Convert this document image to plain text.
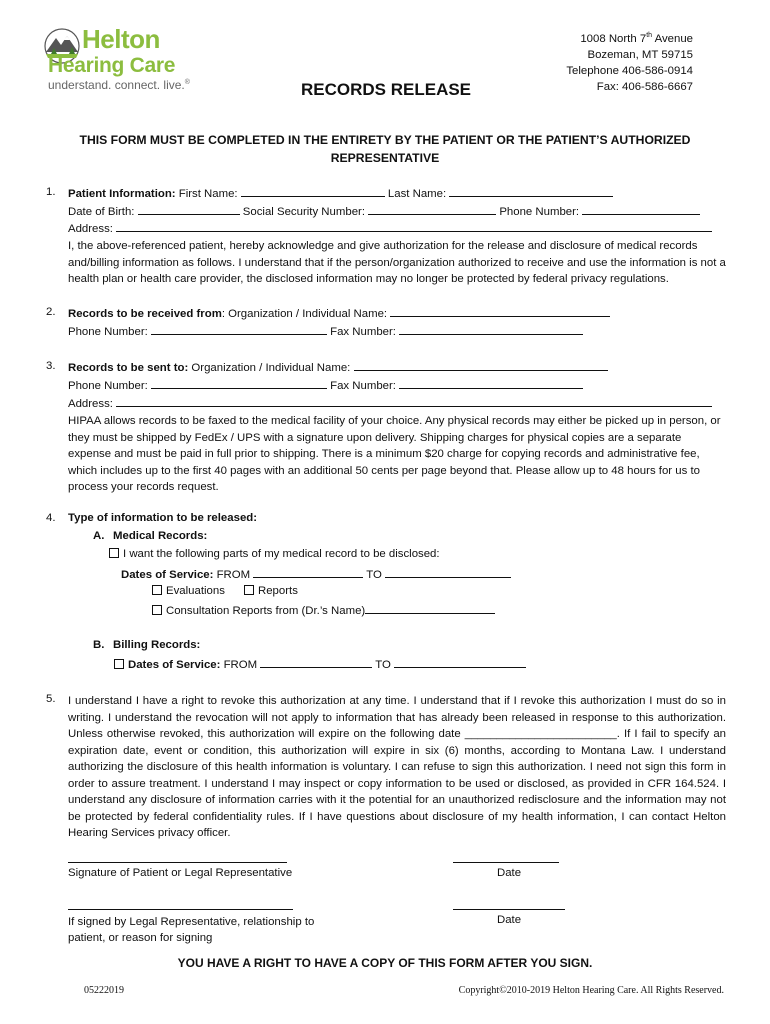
Helton
Hearing Care
understand. connect. live.®
1008 North 7th Avenue
Bozeman, MT 59715
Telephone 406-586-0914
Fax: 406-586-6667
RECORDS RELEASE
THIS FORM MUST BE COMPLETED IN THE ENTIRETY BY THE PATIENT OR THE PATIENT’S AUTHORIZED
REPRESENTATIVE
1. Patient Information: First Name:	Last Name:
Date of Birth:	Social Security Number:	Phone Number:
Address:
I, the above-referenced patient, hereby acknowledge and give authorization for the release and disclosure of medical records and/billing information as follows. I understand that if the person/organization authorized to receive and use the information is not a health plan or health care provider, the disclosed information may no longer be protected by federal privacy regulations.
2. Records to be received from: Organization / Individual Name:
Phone Number:	Fax Number:
3. Records to be sent to: Organization / Individual Name:
Phone Number:	Fax Number:
Address:
HIPAA allows records to be faxed to the medical facility of your choice. Any physical records may either be picked up in person, or they must be shipped by FedEx / UPS with a signature upon delivery. Shipping charges for physical copies are a separate expense and must be paid in full prior to shipping. There is a minimum $20 charge for copying records and administrative fee, which includes up to the first 40 pages with an additional 50 cents per page beyond that. Please allow up to 48 hours for us to process your records request.
4. Type of information to be released:
A. Medical Records:
I want the following parts of my medical record to be disclosed:
Dates of Service: FROM	TO
Evaluations	Reports
Consultation Reports from (Dr.’s Name)
B. Billing Records:
Dates of Service: FROM	TO
5. I understand I have a right to revoke this authorization at any time. I understand that if I revoke this authorization I must do so in writing. I understand the revocation will not apply to information that has already been released in response to this authorization. Unless otherwise revoked, this authorization will expire on the following date ________________________. If I fail to specify an expiration date, event or condition, this authorization will expire in six (6) months, according to Montana Law. I understand authorizing the disclosure of this health information is voluntary. I can refuse to sign this authorization. I need not sign this form in order to assure treatment. I understand I may inspect or copy information to be used or disclosed, as provided in CFR 164.524. I understand any disclosure of information carries with it the potential for an unauthorized redisclosure and the information may not be protected by federal confidentiality rules. If I have questions about disclosure of my health information, I can contact Helton Hearing Services privacy officer.
Signature of Patient or Legal Representative	Date
If signed by Legal Representative, relationship to
patient, or reason for signing
Date
YOU HAVE A RIGHT TO HAVE A COPY OF THIS FORM AFTER YOU SIGN.
05222019	Copyright©2010-2019 Helton Hearing Care. All Rights Reserved.
